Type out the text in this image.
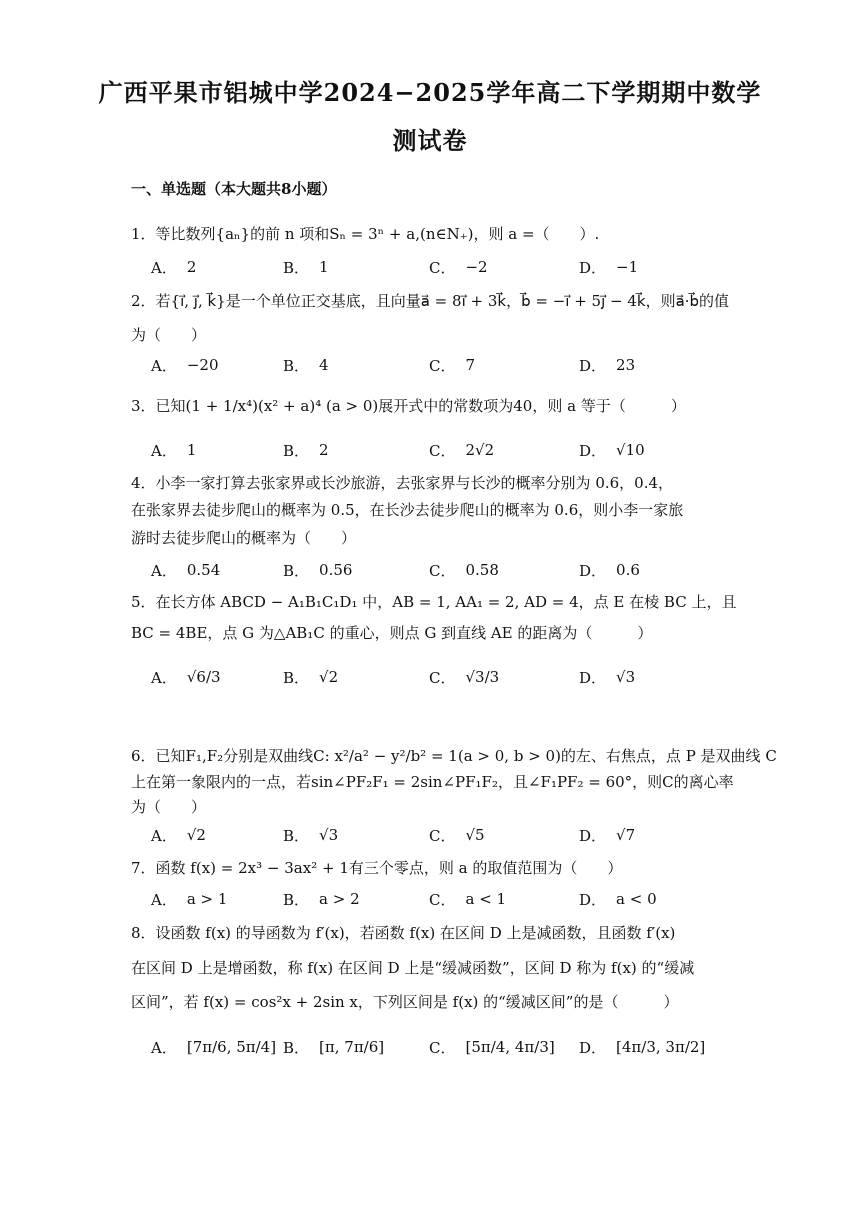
广西平果市铝城中学2024−2025学年高二下学期期中数学
测试卷
一、单选题（本大题共8小题）
1．等比数列{aₙ}的前 n 项和Sₙ = 3ⁿ + a,(n∈N₊)，则 a =（　　）.
A． 2	B． 1	C． −2	D． −1
2．若{i⃗, j⃗, k⃗}是一个单位正交基底，且向量a⃗ = 8i⃗ + 3k⃗，b⃗ = −i⃗ + 5j⃗ − 4k⃗，则a⃗·b⃗的值
为（　　）
A． −20	B． 4	C． 7	D． 23
3．已知(1 + 1/x⁴)(x² + a)⁴ (a > 0)展开式中的常数项为40，则 a 等于（　　　）
A． 1	B． 2	C． 2√2	D． √10
4．小李一家打算去张家界或长沙旅游，去张家界与长沙的概率分别为 0.6，0.4，
在张家界去徒步爬山的概率为 0.5，在长沙去徒步爬山的概率为 0.6，则小李一家旅
游时去徒步爬山的概率为（　　）
A． 0.54	B． 0.56	C． 0.58	D． 0.6
5．在长方体 ABCD − A₁B₁C₁D₁ 中，AB = 1, AA₁ = 2, AD = 4，点 E 在棱 BC 上，且
BC = 4BE，点 G 为△AB₁C 的重心，则点 G 到直线 AE 的距离为（　　　）
A． √6/3	B． √2	C． √3/3	D． √3
6．已知F₁,F₂分别是双曲线C: x²/a² − y²/b² = 1(a > 0, b > 0)的左、右焦点，点 P 是双曲线 C
上在第一象限内的一点，若sin∠PF₂F₁ = 2sin∠PF₁F₂，且∠F₁PF₂ = 60°，则C的离心率
为（　　）
A． √2	B． √3	C． √5	D． √7
7．函数 f(x) = 2x³ − 3ax² + 1有三个零点，则 a 的取值范围为（　　）
A． a > 1	B． a > 2	C． a < 1	D． a < 0
8．设函数 f(x) 的导函数为 f′(x)，若函数 f(x) 在区间 D 上是减函数，且函数 f′(x)
在区间 D 上是增函数，称 f(x) 在区间 D 上是“缓减函数”，区间 D 称为 f(x) 的“缓减
区间”，若 f(x) = cos²x + 2sin x，下列区间是 f(x) 的“缓减区间”的是（　　　）
A． [7π/6, 5π/4] B． [π, 7π/6]	C． [5π/4, 4π/3] D． [4π/3, 3π/2]
